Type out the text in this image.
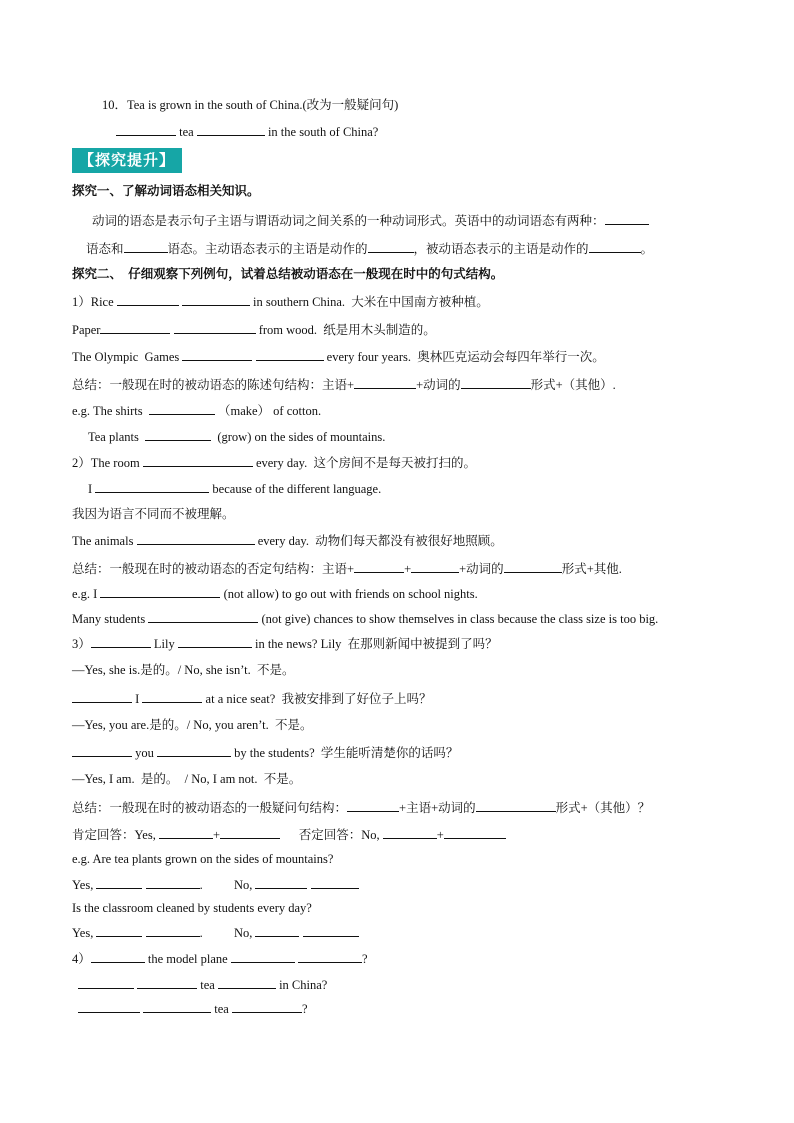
10．Tea is grown in the south of China.(改为一般疑问句)
tea	in the south of China?
【探究提升】
探究一、了解动词语态相关知识。
动词的语态是表示句子主语与谓语动词之间关系的一种动词形式。英语中的动词语态有两种：
语态和	语态。主动语态表示的主语是动作的	，被动语态表示的主语是动作的	。
探究二、  仔细观察下列例句，试着总结被动语态在一般现在时中的句式结构。
1）Rice	in southern China.  大米在中国南方被种植。
Paper	from wood.  纸是用木头制造的。
The Olympic  Games	every four years.  奥林匹克运动会每四年举行一次。
总结：一般现在时的被动语态的陈述句结构：主语+	+动词的	形式+（其他）.
e.g. The shirts	（make） of cotton.
Tea plants	(grow) on the sides of mountains.
2）The room	every day.  这个房间不是每天被打扫的。
I	because of the different language.
我因为语言不同而不被理解。
The animals	every day.  动物们每天都没有被很好地照顾。
总结：一般现在时的被动语态的否定句结构：主语+	+	+动词的	形式+其他.
e.g. I	(not allow) to go out with friends on school nights.
Many students	(not give) chances to show themselves in class because the class size is too big.
3）	Lily	in the news? Lily  在那则新闻中被提到了吗？
—Yes, she is.是的。/ No, she isn’t.  不是。
I	at a nice seat?  我被安排到了好位子上吗？
—Yes, you are.是的。/ No, you aren’t.  不是。
you	by the students?  学生能听清楚你的话吗？
—Yes, I am.  是的。  / No, I am not.  不是。
总结：一般现在时的被动语态的一般疑问句结构：	+主语+动词的	形式+（其他）？
肯定回答：Yes,	+	否定回答：No,	+
e.g. Are tea plants grown on the sides of mountains?
Yes,	.          No,
Is the classroom cleaned by students every day?
Yes,	.          No,
4）	the model plane	?
tea	in China?
tea	?
